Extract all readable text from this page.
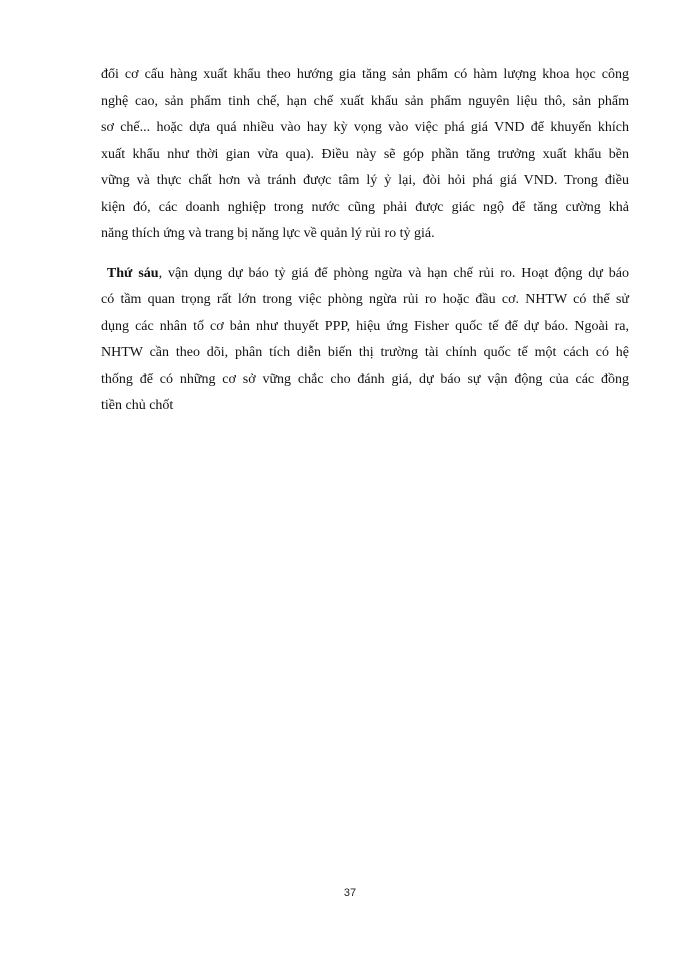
đổi cơ cấu hàng xuất khẩu theo hướng gia tăng sản phẩm có hàm lượng khoa học công
nghệ cao, sản phẩm tinh chế, hạn chế xuất khẩu sản phẩm nguyên liệu thô, sản phẩm
sơ chế... hoặc dựa quá nhiều vào hay kỳ vọng vào việc phá giá VND để khuyến khích
xuất khẩu như thời gian vừa qua). Điều này sẽ góp phần tăng trưởng xuất khẩu bền
vững và thực chất hơn và tránh được tâm lý ỷ lại, đòi hỏi phá giá VND. Trong điều
kiện đó, các doanh nghiệp trong nước cũng phải được giác ngộ để tăng cường khả
năng thích ứng và trang bị năng lực về quản lý rủi ro tỷ giá.
Thứ sáu, vận dụng dự báo tỷ giá để phòng ngừa và hạn chế rủi ro. Hoạt động dự báo
có tầm quan trọng rất lớn trong việc phòng ngừa rủi ro hoặc đầu cơ. NHTW có thể sử
dụng các nhân tố cơ bản như thuyết PPP, hiệu ứng Fisher quốc tế để dự báo. Ngoài ra,
NHTW cần theo dõi, phân tích diễn biến thị trường tài chính quốc tế một cách có hệ
thống để có những cơ sở vững chắc cho đánh giá, dự báo sự vận động của các đồng
tiền chủ chốt
37
